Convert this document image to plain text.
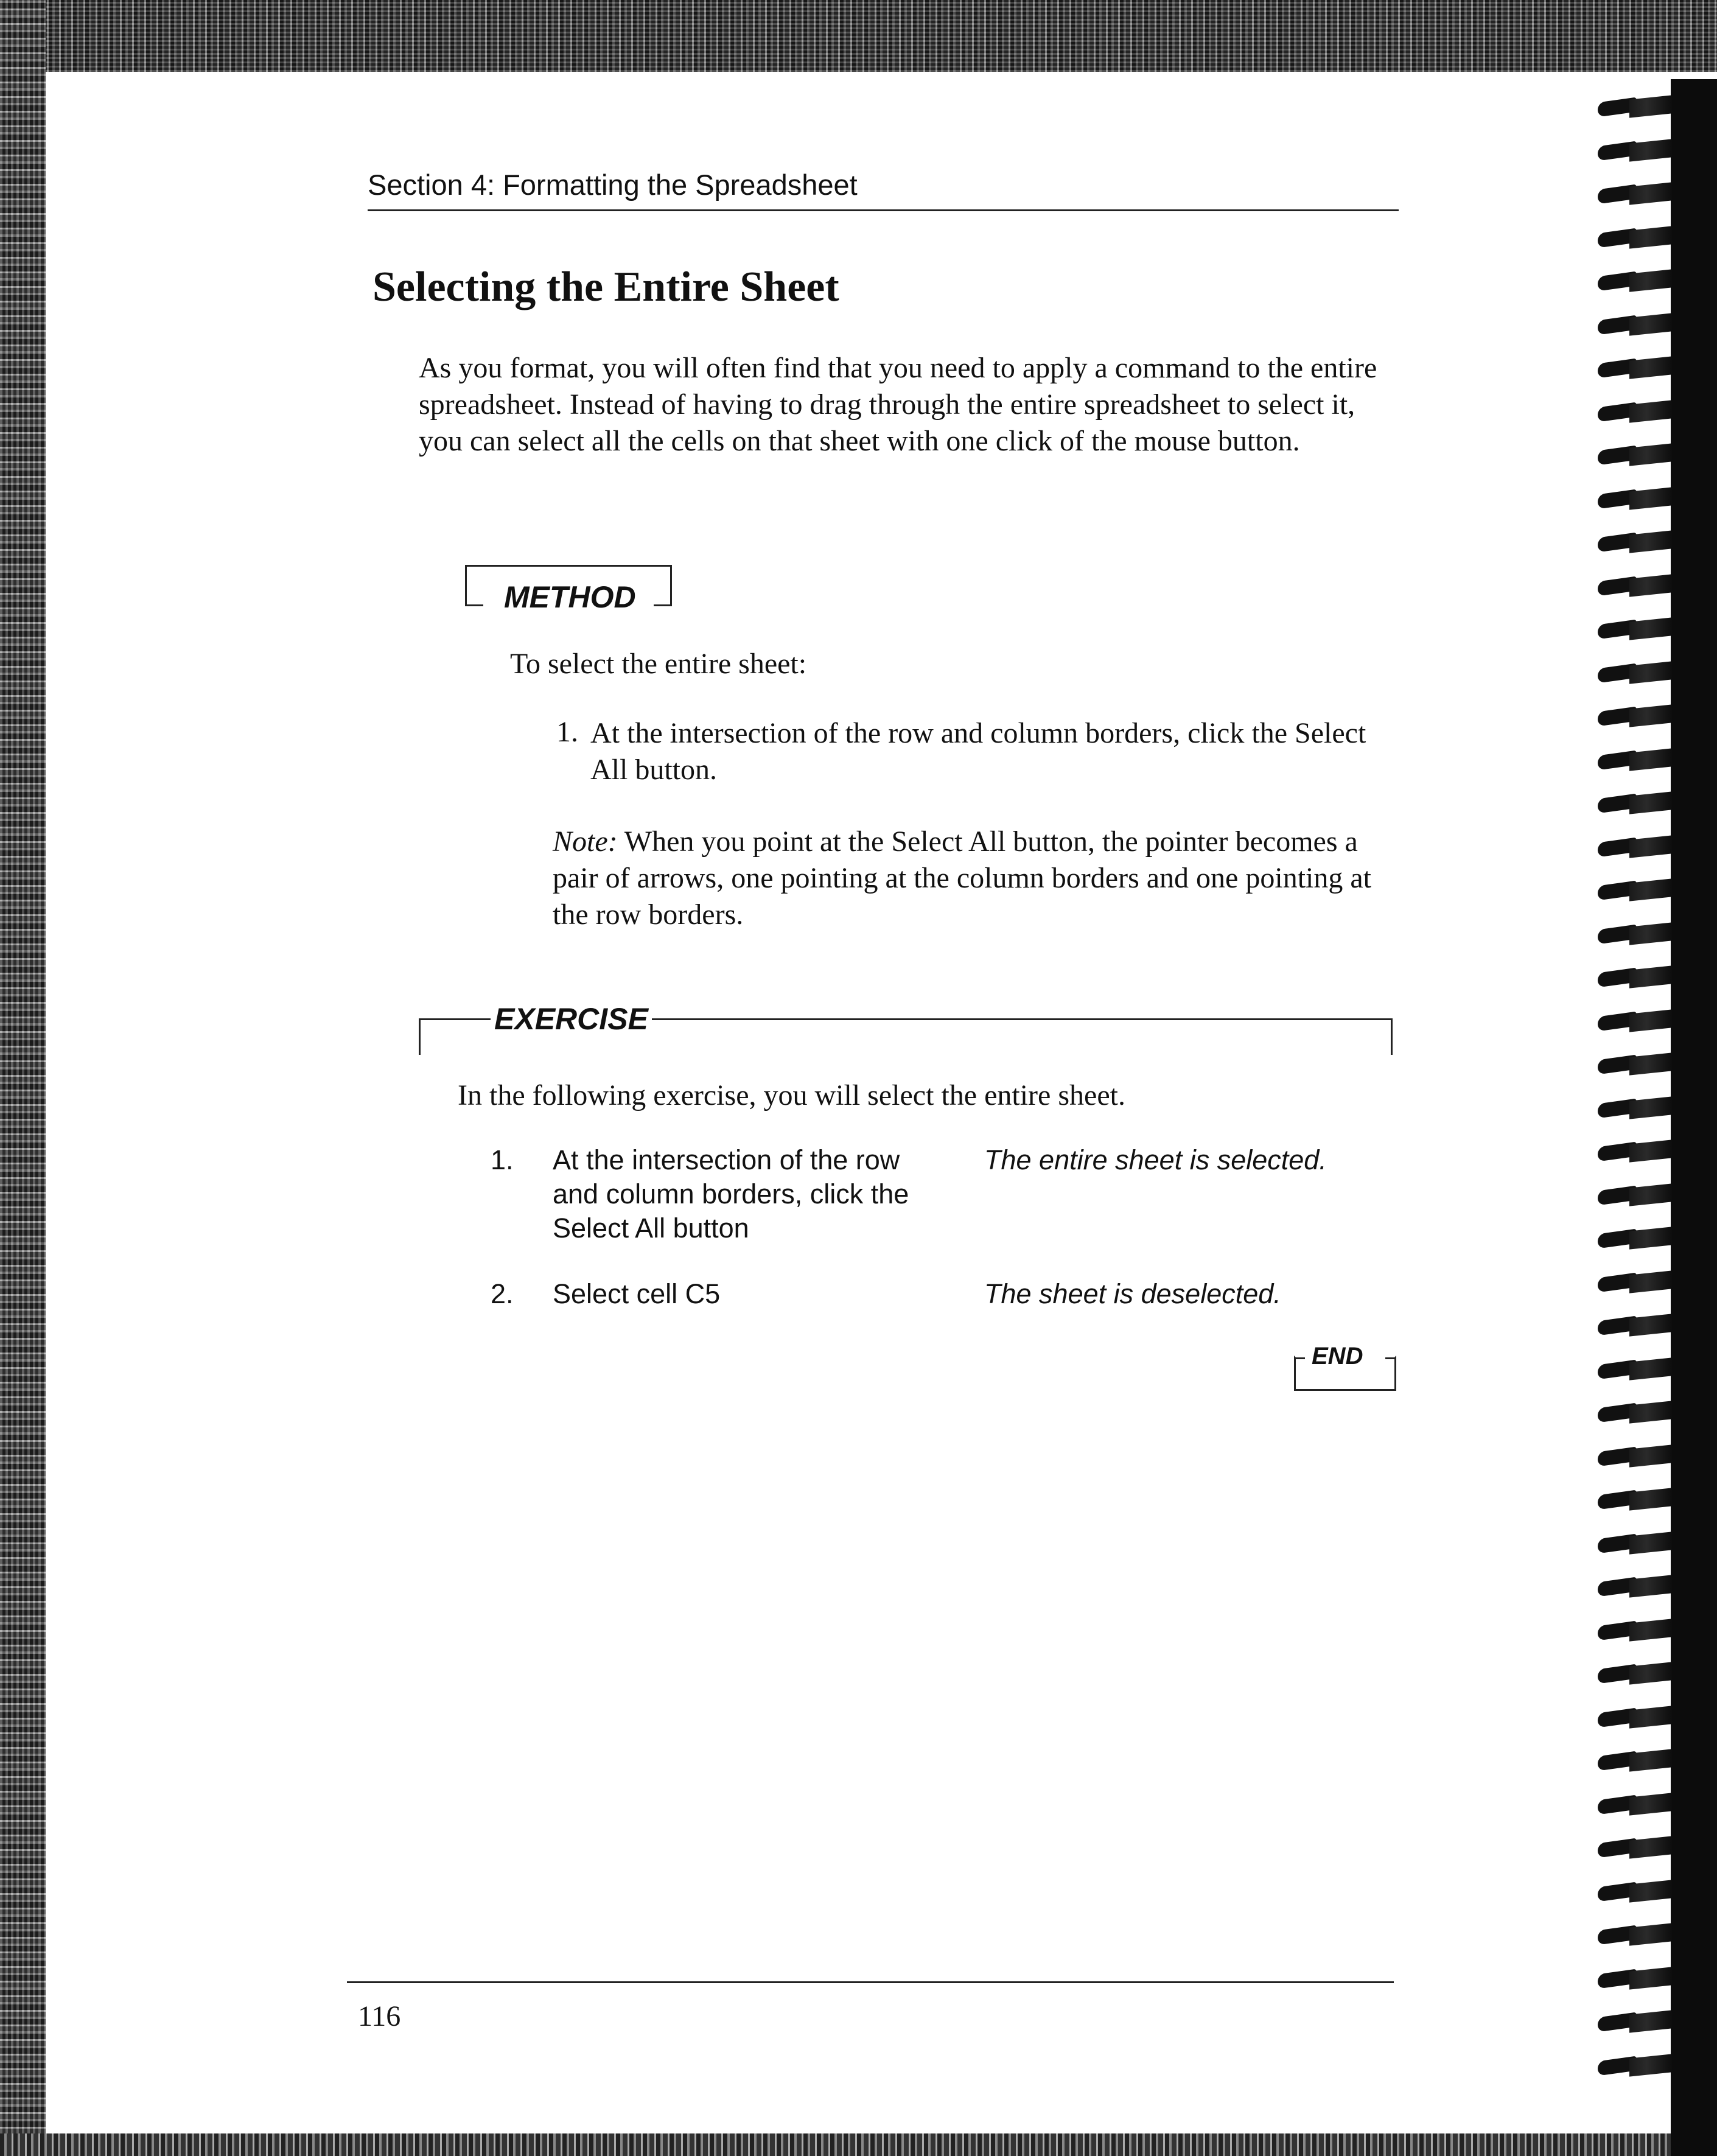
Section 4: Formatting the Spreadsheet
Selecting the Entire Sheet

As you format, you will often find that you need to apply a command to the entire spreadsheet. Instead of having to drag through the entire spreadsheet to select it, you can select all the cells on that sheet with one click of the mouse button.

METHOD
To select the entire sheet:
1. At the intersection of the row and column borders, click the Select All button.
Note: When you point at the Select All button, the pointer becomes a pair of arrows, one pointing at the column borders and one pointing at the row borders.
EXERCISE
In the following exercise, you will select the entire sheet.
1. At the intersection of the row and column borders, click the Select All button
The entire sheet is selected.
2. Select cell C5	The sheet is deselected.
END
116
